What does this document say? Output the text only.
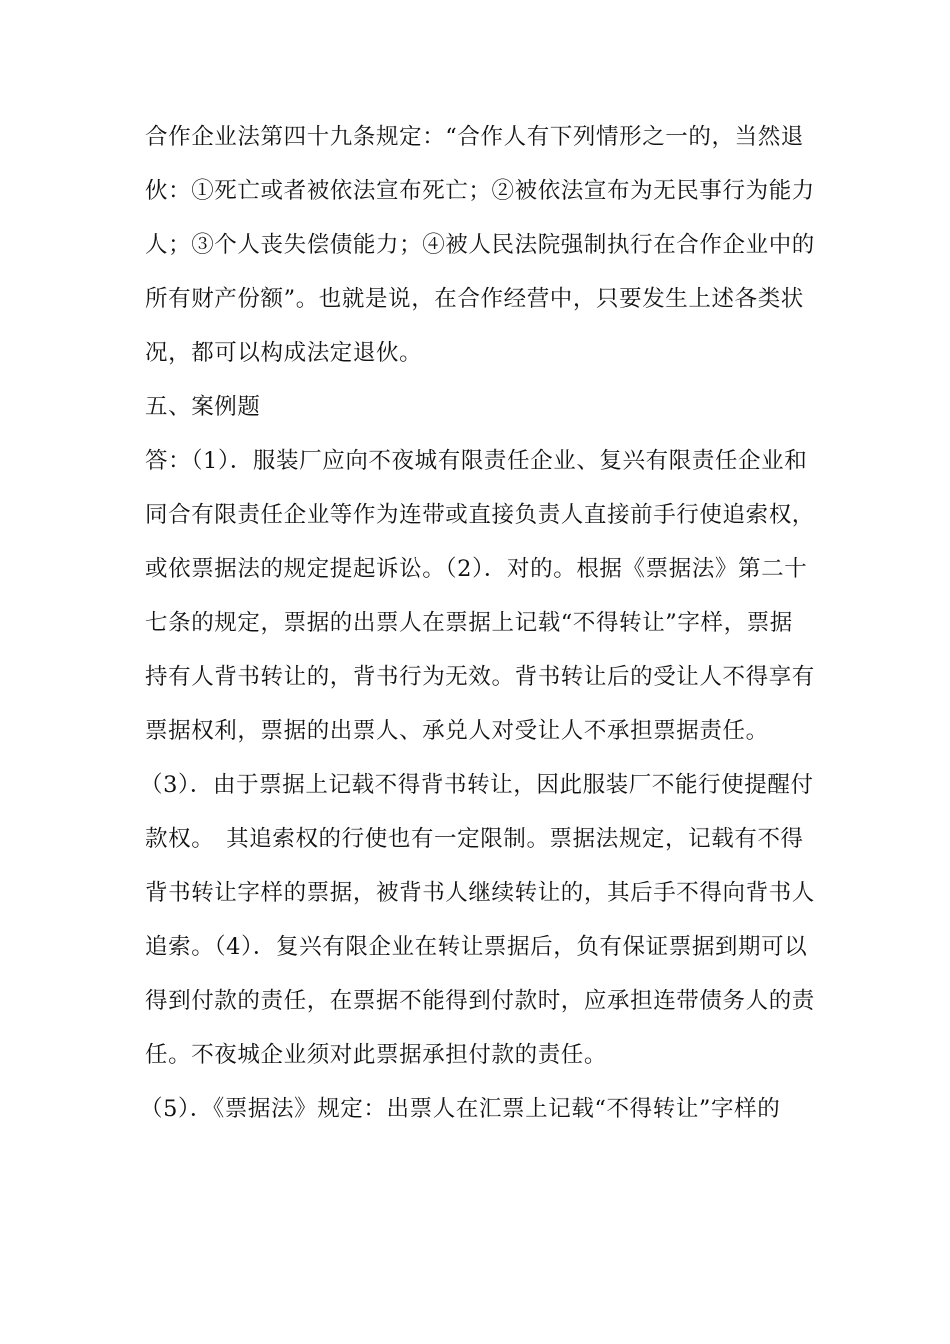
合作企业法第四十九条规定：“合作人有下列情形之一的，当然退
伙：①死亡或者被依法宣布死亡；②被依法宣布为无民事行为能力
人；③个人丧失偿债能力；④被人民法院强制执行在合作企业中的
所有财产份额”。也就是说，在合作经营中，只要发生上述各类状
况，都可以构成法定退伙。
五、案例题
答：（1）．服装厂应向不夜城有限责任企业、复兴有限责任企业和
同合有限责任企业等作为连带或直接负责人直接前手行使追索权，
或依票据法的规定提起诉讼。（2）．对的。根据《票据法》第二十
七条的规定，票据的出票人在票据上记载“不得转让”字样，票据
持有人背书转让的，背书行为无效。背书转让后的受让人不得享有
票据权利，票据的出票人、承兑人对受让人不承担票据责任。
（3）．由于票据上记载不得背书转让，因此服装厂不能行使提醒付
款权。　其追索权的行使也有一定限制。票据法规定，记载有不得
背书转让字样的票据，被背书人继续转让的，其后手不得向背书人
追索。（4）．复兴有限企业在转让票据后，负有保证票据到期可以
得到付款的责任，在票据不能得到付款时，应承担连带债务人的责
任。不夜城企业须对此票据承担付款的责任。
（5）．《票据法》规定：出票人在汇票上记载“不得转让”字样的
